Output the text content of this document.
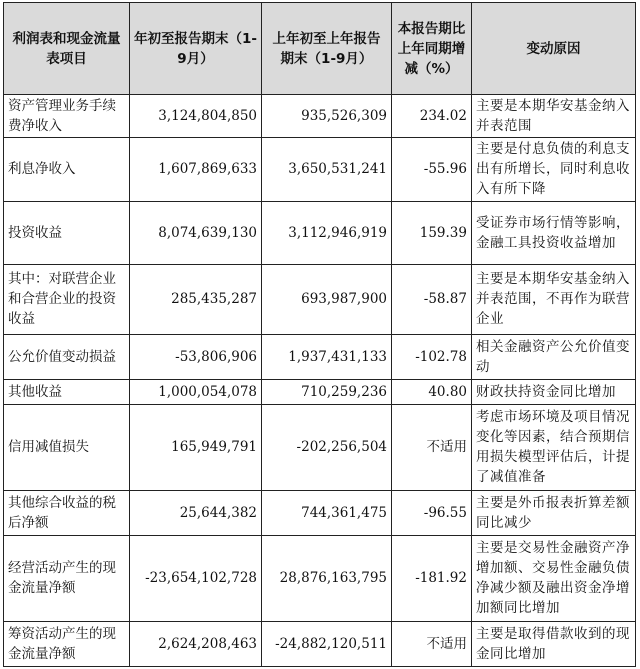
利润表和现金流量表项目	年初至报告期末（1-9月）	上年初至上年报告期末（1-9月）	本报告期比上年同期增减（%）	变动原因
资产管理业务手续费净收入	3,124,804,850	935,526,309	234.02	主要是本期华安基金纳入并表范围
利息净收入	1,607,869,633	3,650,531,241	-55.96	主要是付息负债的利息支出有所增长，同时利息收入有所下降
投资收益	8,074,639,130	3,112,946,919	159.39	受证券市场行情等影响，金融工具投资收益增加
其中：对联营企业和合营企业的投资收益	285,435,287	693,987,900	-58.87	主要是本期华安基金纳入并表范围，不再作为联营企业
公允价值变动损益	-53,806,906	1,937,431,133	-102.78	相关金融资产公允价值变动
其他收益	1,000,054,078	710,259,236	40.80	财政扶持资金同比增加
信用减值损失	165,949,791	-202,256,504	不适用	考虑市场环境及项目情况变化等因素，结合预期信用损失模型评估后，计提了减值准备
其他综合收益的税后净额	25,644,382	744,361,475	-96.55	主要是外币报表折算差额同比减少
经营活动产生的现金流量净额	-23,654,102,728	28,876,163,795	-181.92	主要是交易性金融资产净增加额、交易性金融负债净减少额及融出资金净增加额同比增加
筹资活动产生的现金流量净额	2,624,208,463	-24,882,120,511	不适用	主要是取得借款收到的现金同比增加
